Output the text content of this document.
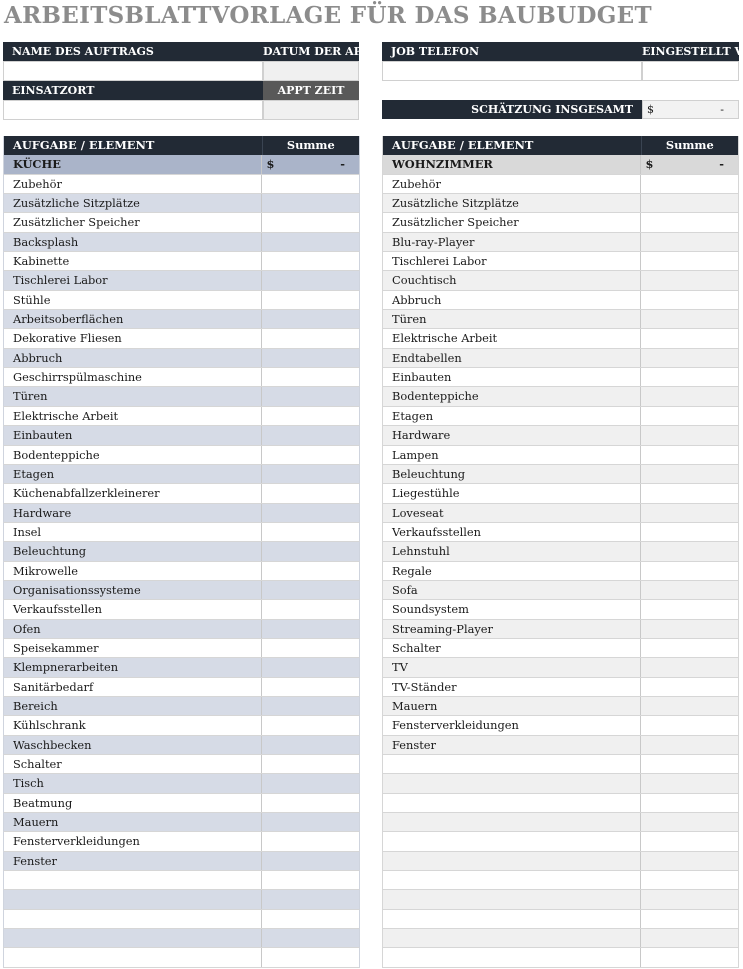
ARBEITSBLATTVORLAGE FÜR DAS BAUBUDGET
NAME DES AUFTRAGS	DATUM DER APPT
EINSATZORT	APPT ZEIT
JOB TELEFON	EINGESTELLT V
SCHÄTZUNG INSGESAMT	$	-
AUFGABE / ELEMENT	Summe
KÜCHE	$	-
Zubehör
Zusätzliche Sitzplätze
Zusätzlicher Speicher
Backsplash
Kabinette
Tischlerei Labor
Stühle
Arbeitsoberflächen
Dekorative Fliesen
Abbruch
Geschirrspülmaschine
Türen
Elektrische Arbeit
Einbauten
Bodenteppiche
Etagen
Küchenabfallzerkleinerer
Hardware
Insel
Beleuchtung
Mikrowelle
Organisationssysteme
Verkaufsstellen
Ofen
Speisekammer
Klempnerarbeiten
Sanitärbedarf
Bereich
Kühlschrank
Waschbecken
Schalter
Tisch
Beatmung
Mauern
Fensterverkleidungen
Fenster
AUFGABE / ELEMENT	Summe
WOHNZIMMER	$	-
Zubehör
Zusätzliche Sitzplätze
Zusätzlicher Speicher
Blu-ray-Player
Tischlerei Labor
Couchtisch
Abbruch
Türen
Elektrische Arbeit
Endtabellen
Einbauten
Bodenteppiche
Etagen
Hardware
Lampen
Beleuchtung
Liegestühle
Loveseat
Verkaufsstellen
Lehnstuhl
Regale
Sofa
Soundsystem
Streaming-Player
Schalter
TV
TV-Ständer
Mauern
Fensterverkleidungen
Fenster
